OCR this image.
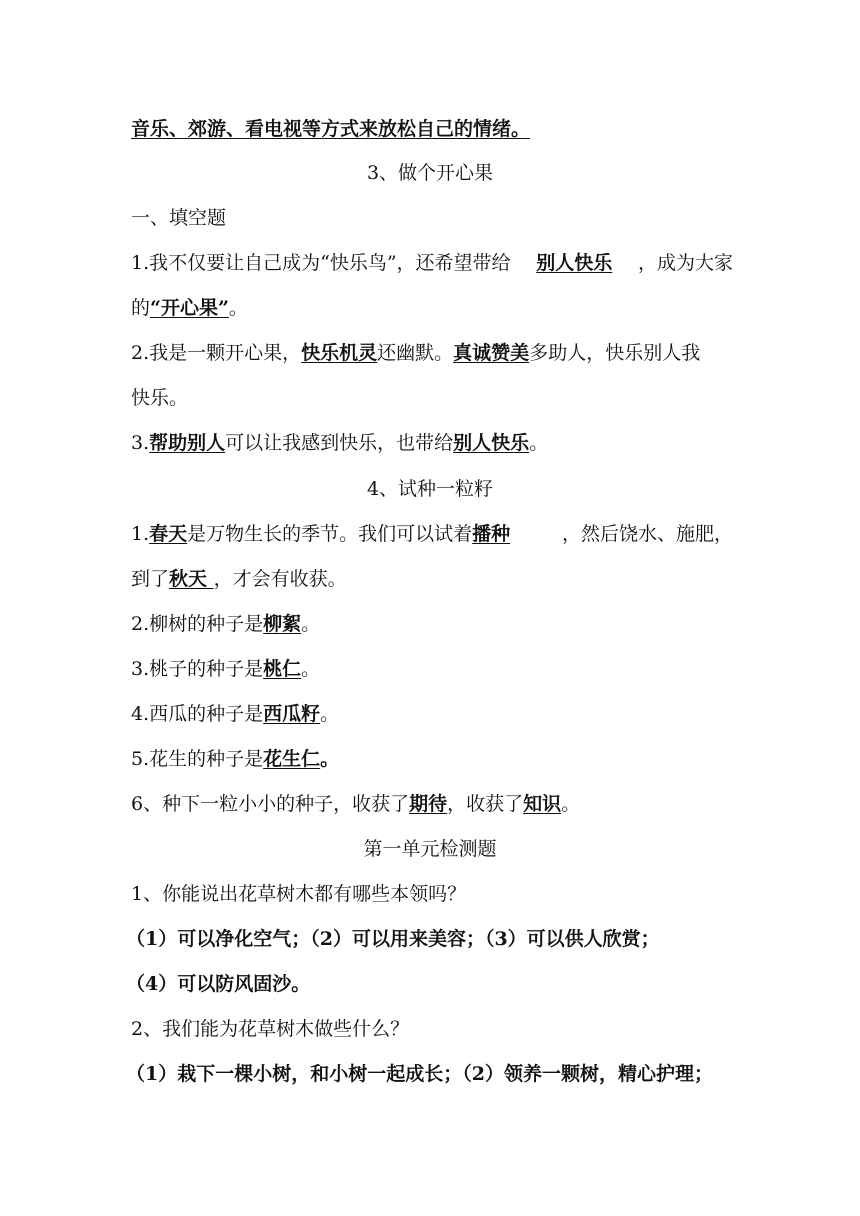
音乐、郊游、看电视等方式来放松自己的情绪。
3、做个开心果
一、填空题
1.我不仅要让自己成为“快乐鸟”，还希望带给 别人快乐 ，成为大家
的“开心果”。
2.我是一颗开心果，快乐机灵还幽默。真诚赞美多助人，快乐别人我
快乐。
3.帮助别人可以让我感到快乐，也带给别人快乐。
4、试种一粒籽
1.春天是万物生长的季节。我们可以试着播种	，然后饶水、施肥，
到了秋天 ，才会有收获。
2.柳树的种子是柳絮。
3.桃子的种子是桃仁。
4.西瓜的种子是西瓜籽。
5.花生的种子是花生仁。
6、种下一粒小小的种子，收获了期待，收获了知识。
第一单元检测题
1、你能说出花草树木都有哪些本领吗？
（1）可以净化空气；（2）可以用来美容；（3）可以供人欣赏；
（4）可以防风固沙。
2、我们能为花草树木做些什么？
（1）栽下一棵小树，和小树一起成长；（2）领养一颗树，精心护理；
